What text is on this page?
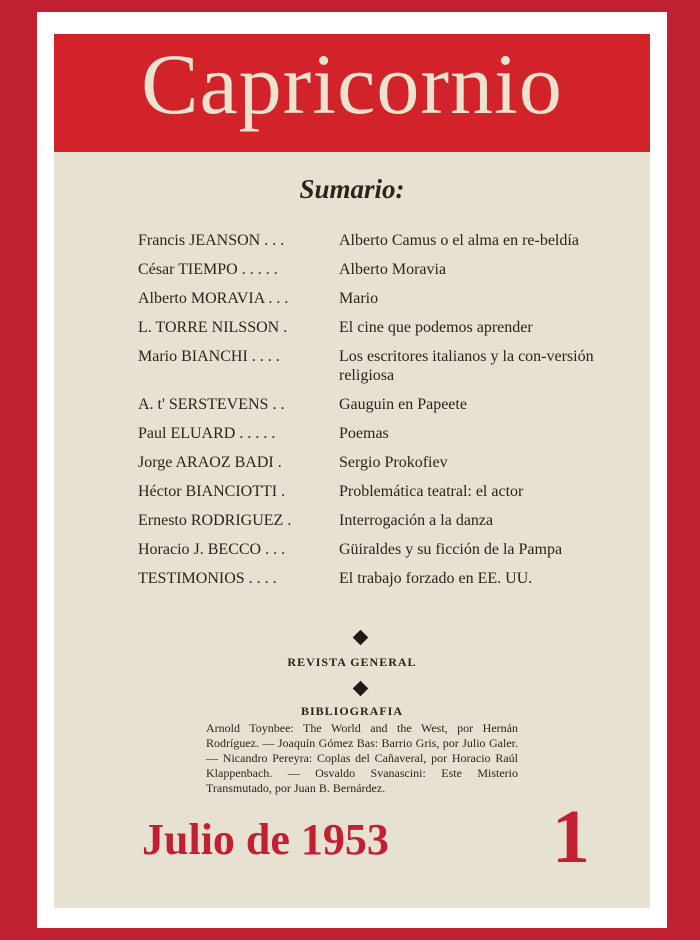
Capricornio
Sumario:
Francis JEANSON . . .	Alberto Camus o el alma en re-beldía
César TIEMPO . . . . .	Alberto Moravia
Alberto MORAVIA . . .	Mario
L. TORRE NILSSON .	El cine que podemos aprender
Mario BIANCHI . . . .	Los escritores italianos y la con-versión religiosa
A. t' SERSTEVENS . .	Gauguin en Papeete
Paul ELUARD . . . . .	Poemas
Jorge ARAOZ BADI .	Sergio Prokofiev
Héctor BIANCIOTTI .	Problemática teatral: el actor
Ernesto RODRIGUEZ .	Interrogación a la danza
Horacio J. BECCO . . .	Güiraldes y su ficción de la Pampa
TESTIMONIOS . . . .	El trabajo forzado en EE. UU.
REVISTA GENERAL
BIBLIOGRAFIA
Arnold Toynbee: The World and the West, por Hernán Rodríguez. — Joaquín Gómez Bas: Barrio Gris, por Julio Galer. — Nicandro Pereyra: Coplas del Cañaveral, por Horacio Raúl Klappenbach. — Osvaldo Svanascini: Este Misterio Transmutado, por Juan B. Bernárdez.
Julio de 1953 1
